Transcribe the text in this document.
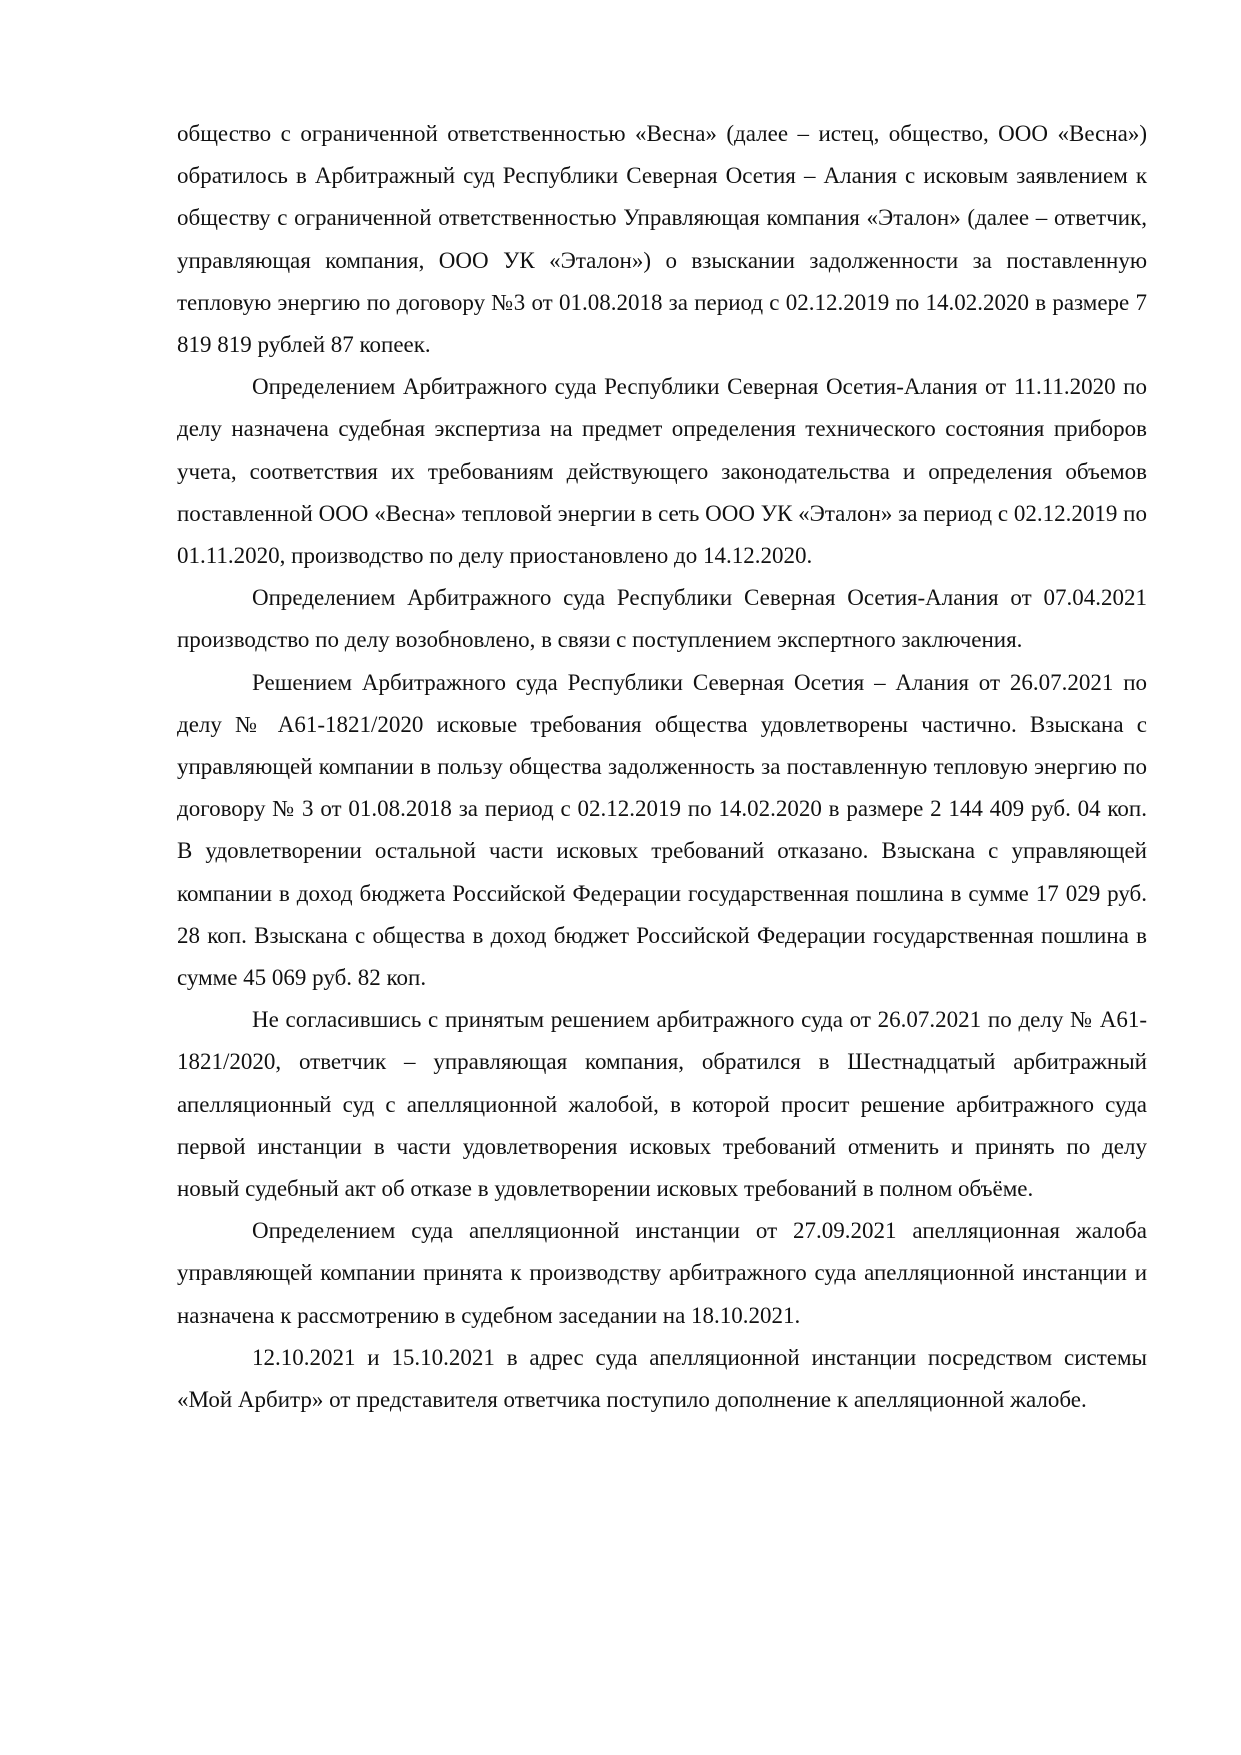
общество с ограниченной ответственностью «Весна» (далее – истец, общество, ООО «Весна») обратилось в Арбитражный суд Республики Северная Осетия – Алания с исковым заявлением к обществу с ограниченной ответственностью Управляющая компания «Эталон» (далее – ответчик, управляющая компания, ООО УК «Эталон») о взыскании задолженности за поставленную тепловую энергию по договору №3 от 01.08.2018 за период с 02.12.2019 по 14.02.2020 в размере 7 819 819 рублей 87 копеек.

Определением Арбитражного суда Республики Северная Осетия-Алания от 11.11.2020 по делу назначена судебная экспертиза на предмет определения технического состояния приборов учета, соответствия их требованиям действующего законодательства и определения объемов поставленной ООО «Весна» тепловой энергии в сеть ООО УК «Эталон» за период с 02.12.2019 по 01.11.2020, производство по делу приостановлено до 14.12.2020.

Определением Арбитражного суда Республики Северная Осетия-Алания от 07.04.2021 производство по делу возобновлено, в связи с поступлением экспертного заключения.

Решением Арбитражного суда Республики Северная Осетия – Алания от 26.07.2021 по делу № А61-1821/2020 исковые требования общества удовлетворены частично. Взыскана с управляющей компании в пользу общества задолженность за поставленную тепловую энергию по договору № 3 от 01.08.2018 за период с 02.12.2019 по 14.02.2020 в размере 2 144 409 руб. 04 коп. В удовлетворении остальной части исковых требований отказано. Взыскана с управляющей компании в доход бюджета Российской Федерации государственная пошлина в сумме 17 029 руб. 28 коп. Взыскана с общества в доход бюджет Российской Федерации государственная пошлина в сумме 45 069 руб. 82 коп.

Не согласившись с принятым решением арбитражного суда от 26.07.2021 по делу № А61-1821/2020, ответчик – управляющая компания, обратился в Шестнадцатый арбитражный апелляционный суд с апелляционной жалобой, в которой просит решение арбитражного суда первой инстанции в части удовлетворения исковых требований отменить и принять по делу новый судебный акт об отказе в удовлетворении исковых требований в полном объёме.

Определением суда апелляционной инстанции от 27.09.2021 апелляционная жалоба управляющей компании принята к производству арбитражного суда апелляционной инстанции и назначена к рассмотрению в судебном заседании на 18.10.2021.

12.10.2021 и 15.10.2021 в адрес суда апелляционной инстанции посредством системы «Мой Арбитр» от представителя ответчика поступило дополнение к апелляционной жалобе.
